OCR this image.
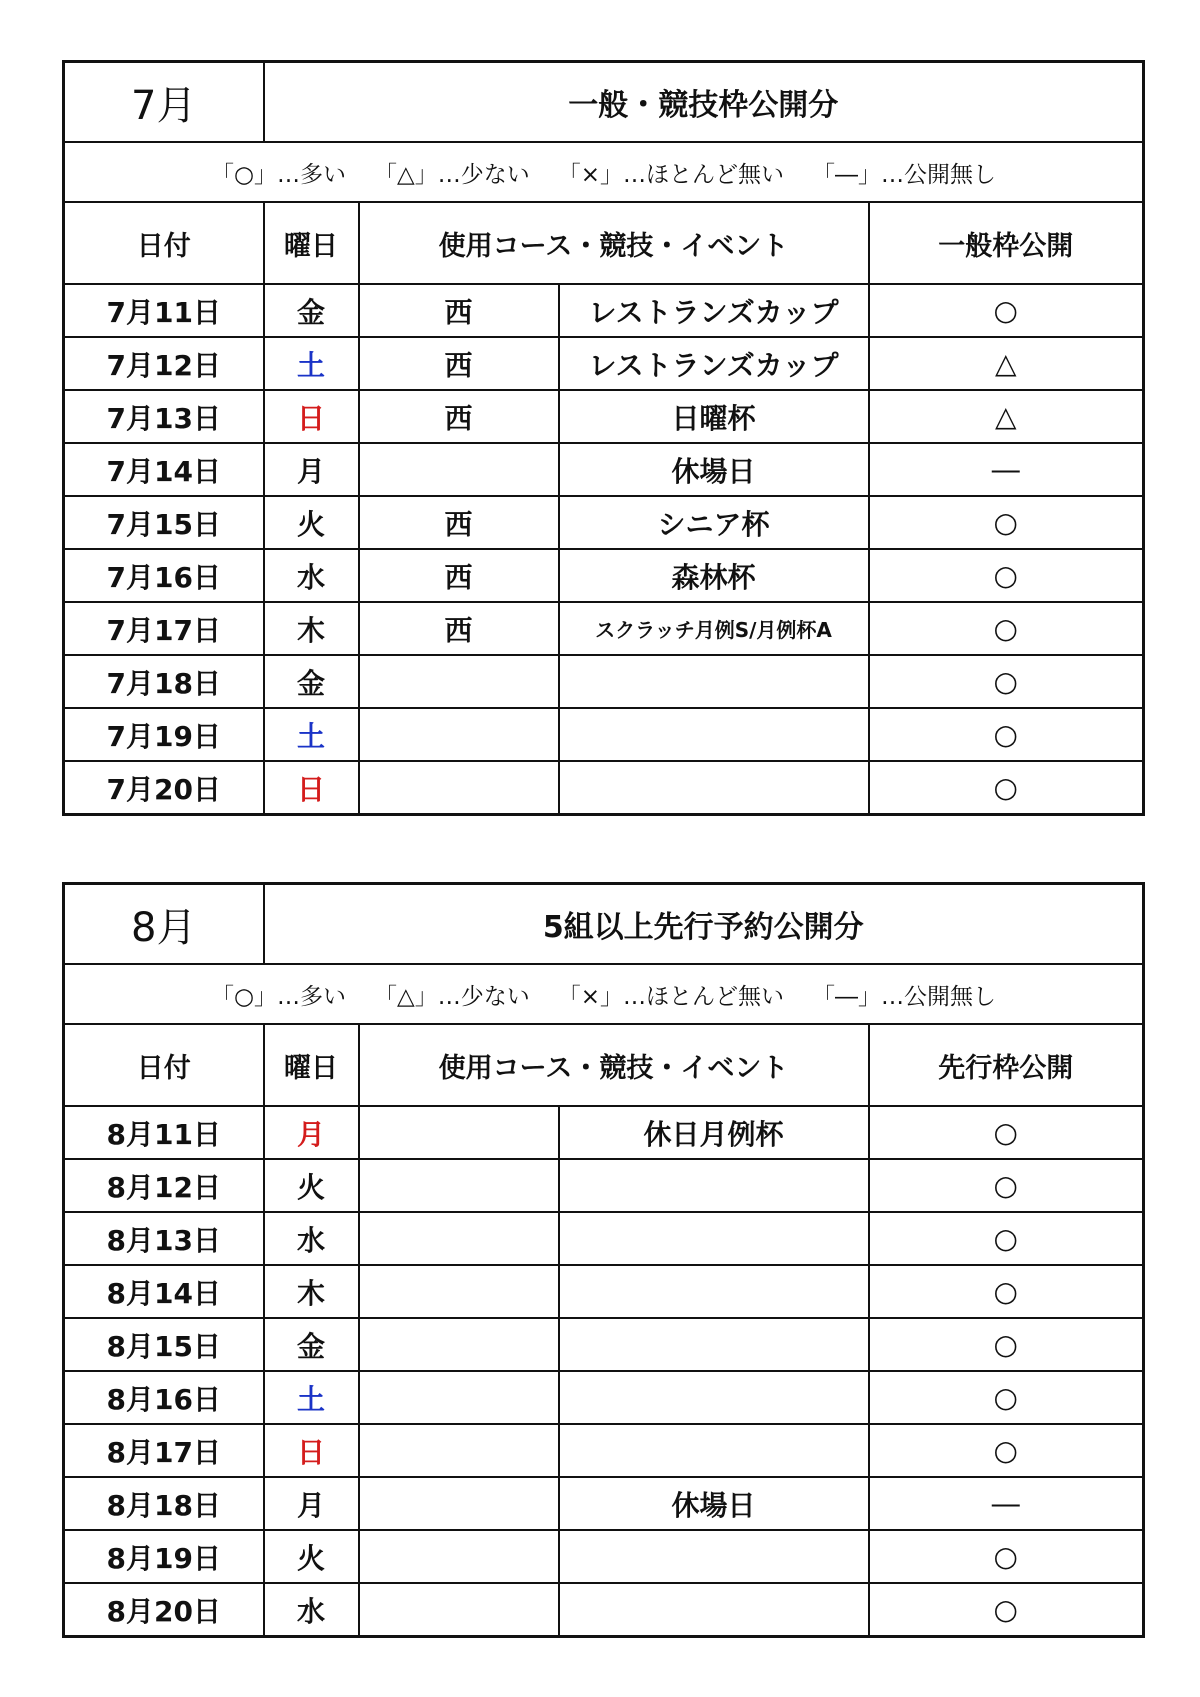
7月	一般・競技枠公開分			
「○」…多い 「△」…少ない 「×」…ほとんど無い 「―」…公開無し				
日付	曜日	使用コース・競技・イベント		一般枠公開
7月11日	金	西	レストランズカップ	○
7月12日	土	西	レストランズカップ	△
7月13日	日	西	日曜杯	△
7月14日	月		休場日	―
7月15日	火	西	シニア杯	○
7月16日	水	西	森林杯	○
7月17日	木	西	スクラッチ月例S/月例杯A	○
7月18日	金			○
7月19日	土			○
7月20日	日			○
8月	5組以上先行予約公開分			
「○」…多い 「△」…少ない 「×」…ほとんど無い 「―」…公開無し				
日付	曜日	使用コース・競技・イベント		先行枠公開
8月11日	月		休日月例杯	○
8月12日	火			○
8月13日	水			○
8月14日	木			○
8月15日	金			○
8月16日	土			○
8月17日	日			○
8月18日	月		休場日	―
8月19日	火			○
8月20日	水			○
